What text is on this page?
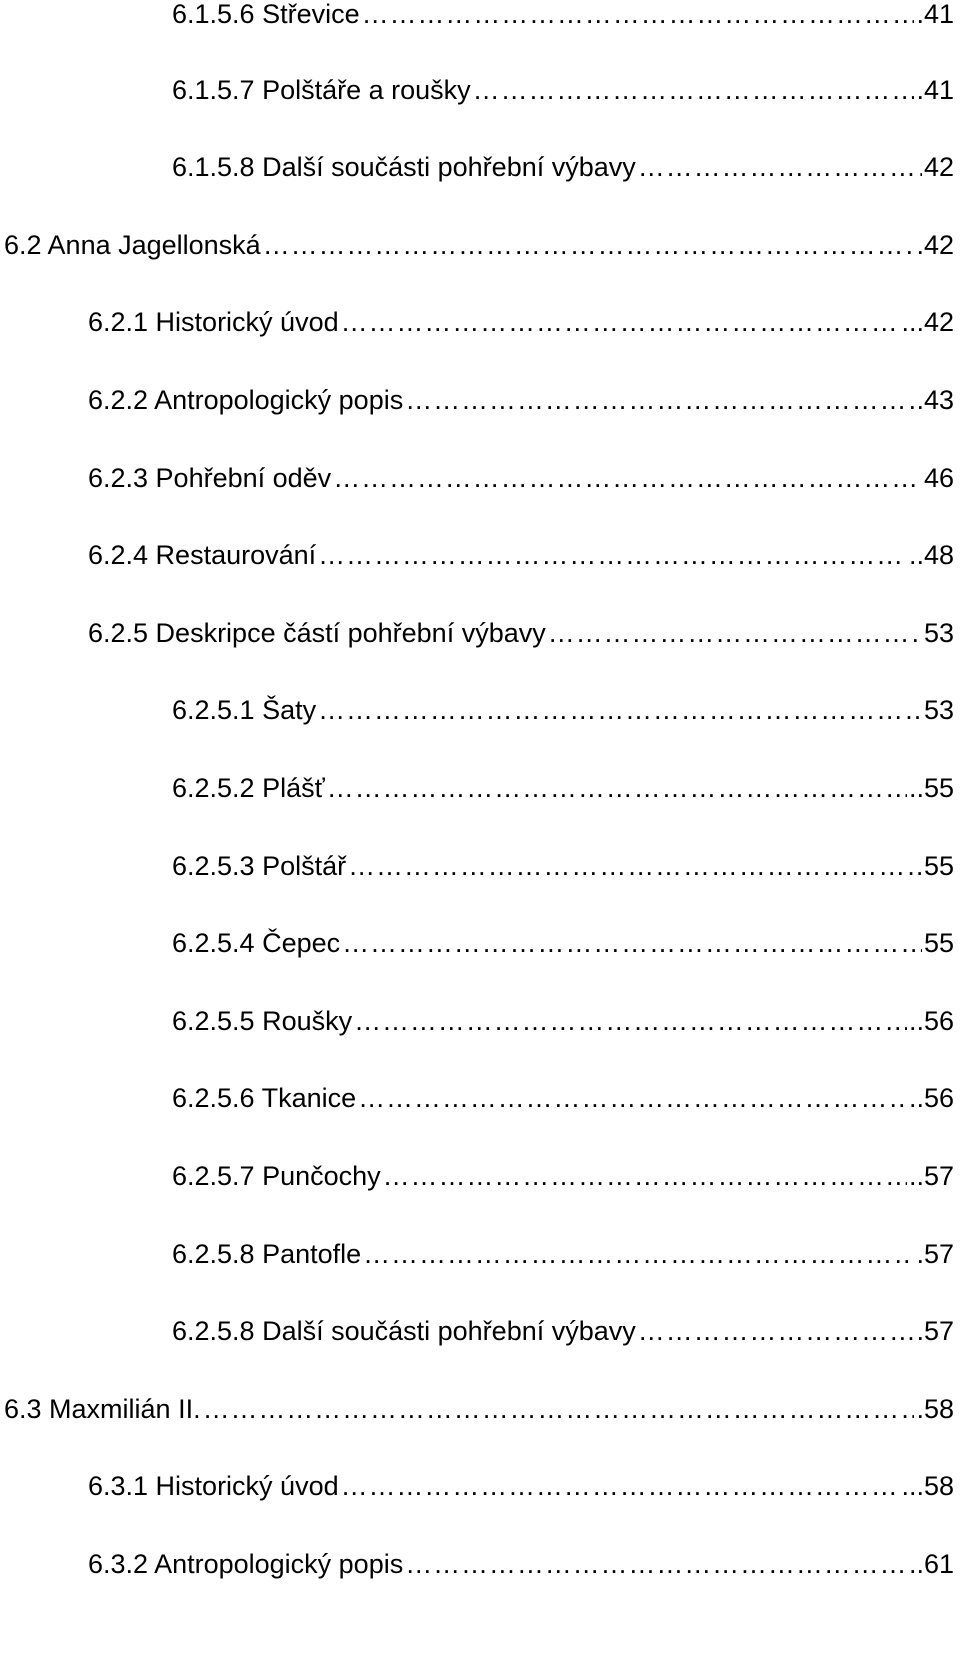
6.1.5.6 Střevice ………………………………………………………………………………………………………………………………………………………………………………	.41
6.1.5.7 Polštáře a roušky ………………………………………………………………………………………………………………………………………………………………………………	.41
6.1.5.8 Další součásti pohřební výbavy ………………………………………………………………………………………………………………………………………………………………………………	42
6.2 Anna Jagellonská ………………………………………………………………………………………………………………………………………………………………………………	.42
6.2.1 Historický úvod ………………………………………………………………………………………………………………………………………………………………………………	...42
6.2.2 Antropologický popis ………………………………………………………………………………………………………………………………………………………………………………	.43
6.2.3 Pohřební oděv ………………………………………………………………………………………………………………………………………………………………………………	46
6.2.4 Restaurování ………………………………………………………………………………………………………………………………………………………………………………	..48
6.2.5 Deskripce částí pohřební výbavy ………………………………………………………………………………………………………………………………………………………………………………	53
6.2.5.1 Šaty ………………………………………………………………………………………………………………………………………………………………………………	53
6.2.5.2 Plášť ………………………………………………………………………………………………………………………………………………………………………………	..55
6.2.5.3 Polštář ………………………………………………………………………………………………………………………………………………………………………………	55
6.2.5.4 Čepec ………………………………………………………………………………………………………………………………………………………………………………	55
6.2.5.5 Roušky ………………………………………………………………………………………………………………………………………………………………………………	..56
6.2.5.6 Tkanice ………………………………………………………………………………………………………………………………………………………………………………	..56
6.2.5.7 Punčochy ………………………………………………………………………………………………………………………………………………………………………………	..57
6.2.5.8 Pantofle ………………………………………………………………………………………………………………………………………………………………………………	.57
6.2.5.8 Další součásti pohřební výbavy ………………………………………………………………………………………………………………………………………………………………………………	.57
6.3 Maxmilián II. ………………………………………………………………………………………………………………………………………………………………………………	.58
6.3.1 Historický úvod ………………………………………………………………………………………………………………………………………………………………………………	...58
6.3.2 Antropologický popis ………………………………………………………………………………………………………………………………………………………………………………	..61
